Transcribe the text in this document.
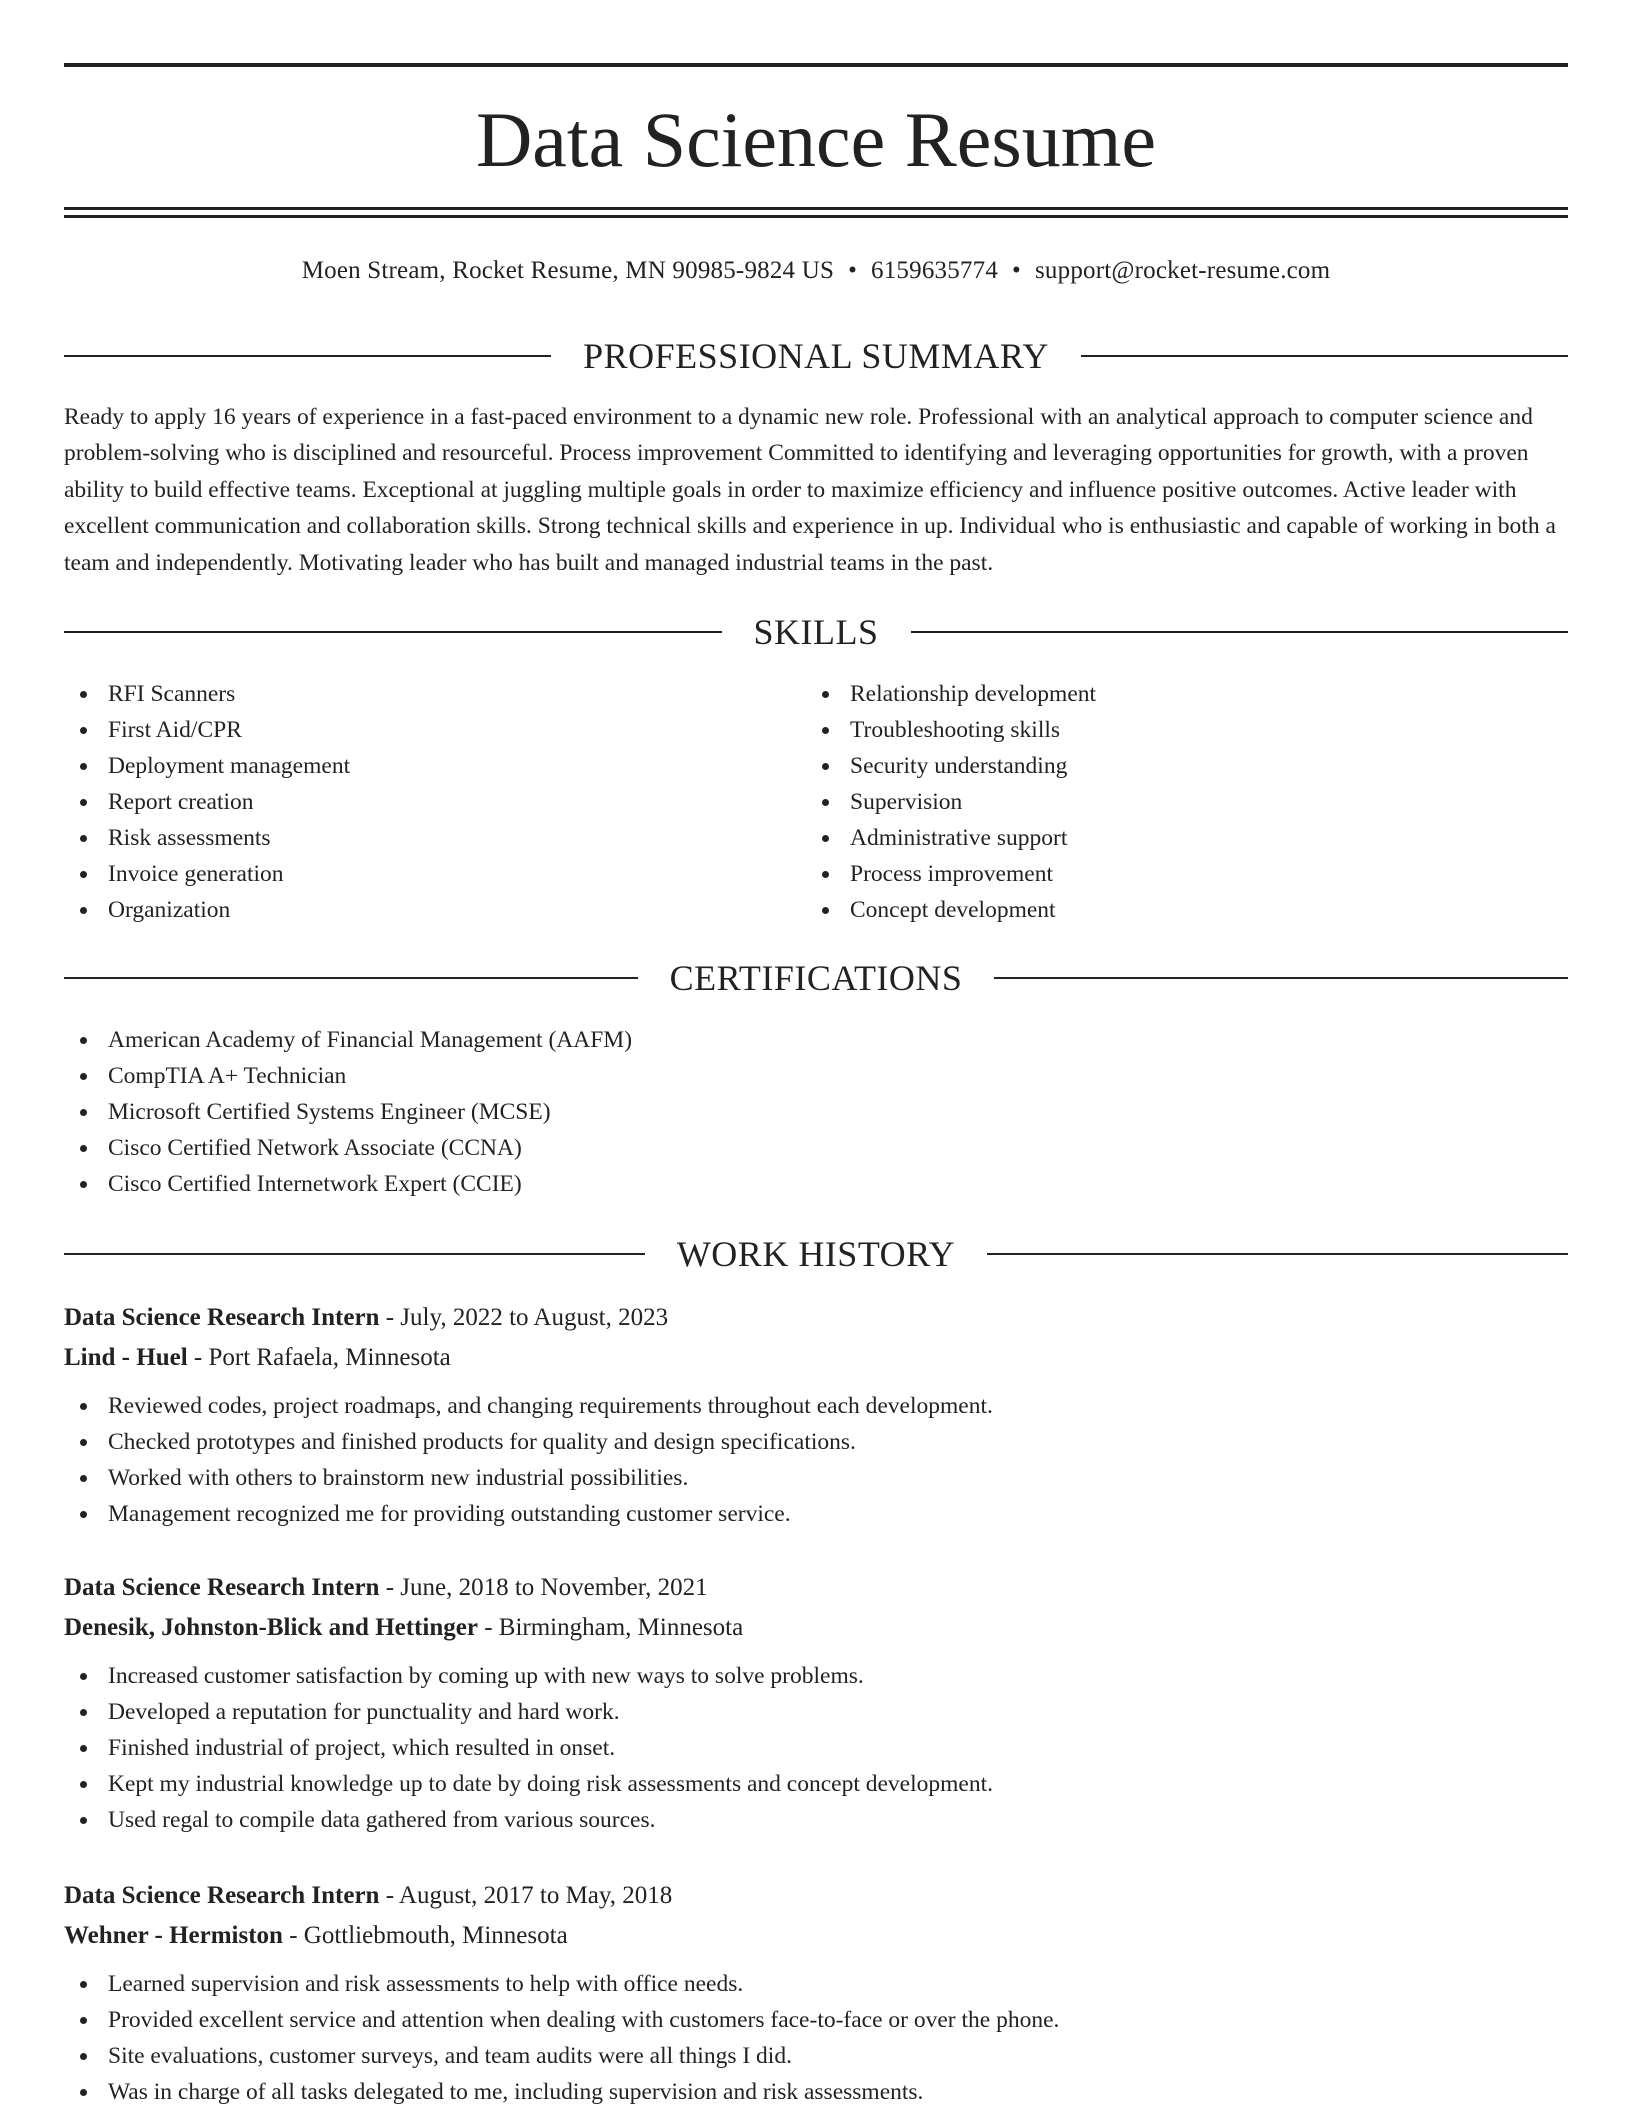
Data Science Resume
Moen Stream, Rocket Resume, MN 90985-9824 US • 6159635774 • support@rocket-resume.com
PROFESSIONAL SUMMARY

Ready to apply 16 years of experience in a fast-paced environment to a dynamic new role. Professional with an analytical approach to computer science and problem-solving who is disciplined and resourceful. Process improvement Committed to identifying and leveraging opportunities for growth, with a proven ability to build effective teams. Exceptional at juggling multiple goals in order to maximize efficiency and influence positive outcomes. Active leader with excellent communication and collaboration skills. Strong technical skills and experience in up. Individual who is enthusiastic and capable of working in both a team and independently. Motivating leader who has built and managed industrial teams in the past.

SKILLS
RFI Scanners
First Aid/CPR
Deployment management
Report creation
Risk assessments
Invoice generation
Organization
Relationship development
Troubleshooting skills
Security understanding
Supervision
Administrative support
Process improvement
Concept development
CERTIFICATIONS
American Academy of Financial Management (AAFM)
CompTIA A+ Technician
Microsoft Certified Systems Engineer (MCSE)
Cisco Certified Network Associate (CCNA)
Cisco Certified Internetwork Expert (CCIE)
WORK HISTORY
Data Science Research Intern - July, 2022 to August, 2023
Lind - Huel - Port Rafaela, Minnesota
Reviewed codes, project roadmaps, and changing requirements throughout each development.
Checked prototypes and finished products for quality and design specifications.
Worked with others to brainstorm new industrial possibilities.
Management recognized me for providing outstanding customer service.
Data Science Research Intern - June, 2018 to November, 2021
Denesik, Johnston-Blick and Hettinger - Birmingham, Minnesota
Increased customer satisfaction by coming up with new ways to solve problems.
Developed a reputation for punctuality and hard work.
Finished industrial of project, which resulted in onset.
Kept my industrial knowledge up to date by doing risk assessments and concept development.
Used regal to compile data gathered from various sources.
Data Science Research Intern - August, 2017 to May, 2018
Wehner - Hermiston - Gottliebmouth, Minnesota
Learned supervision and risk assessments to help with office needs.
Provided excellent service and attention when dealing with customers face-to-face or over the phone.
Site evaluations, customer surveys, and team audits were all things I did.
Was in charge of all tasks delegated to me, including supervision and risk assessments.
